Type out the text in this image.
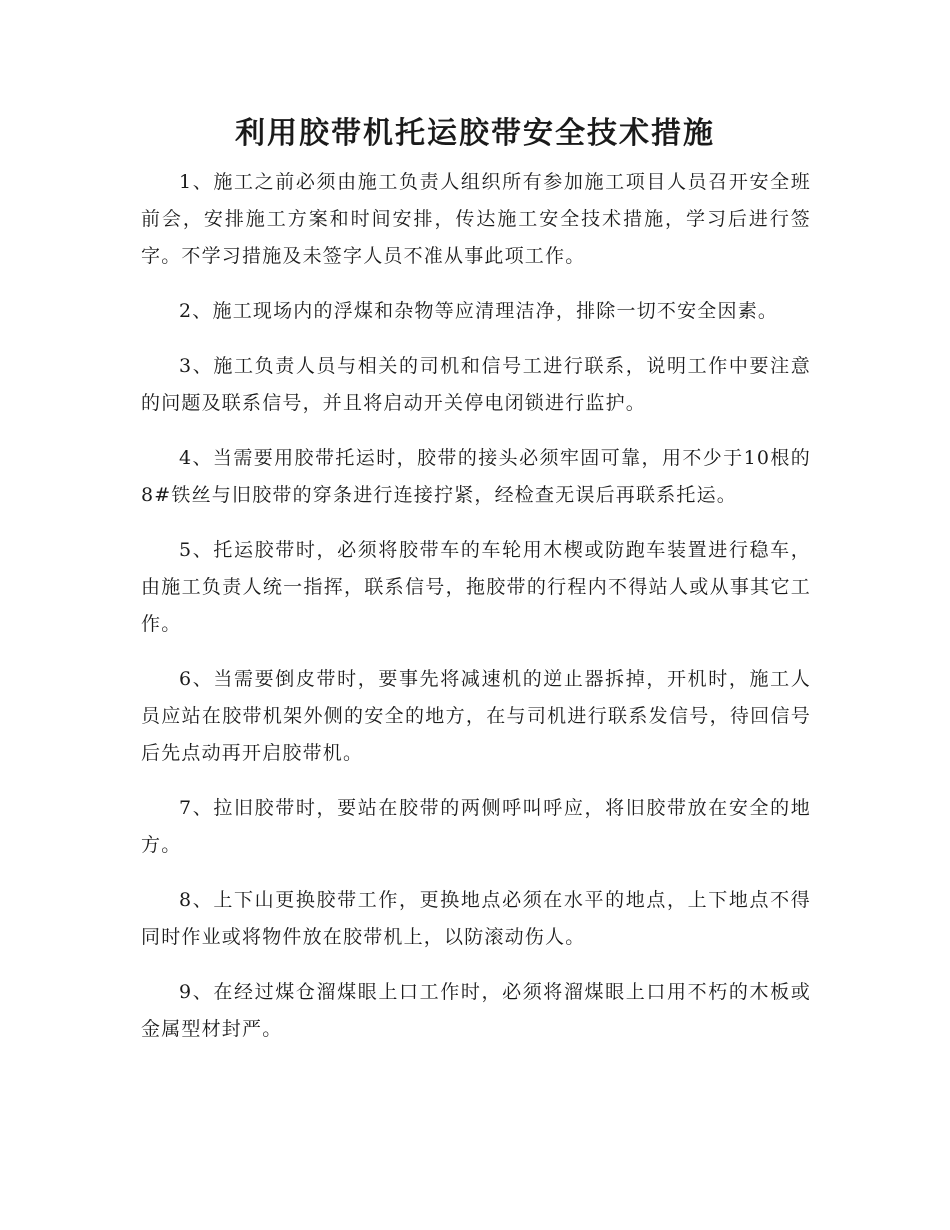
利用胶带机托运胶带安全技术措施

1、施工之前必须由施工负责人组织所有参加施工项目人员召开安全班前会，安排施工方案和时间安排，传达施工安全技术措施，学习后进行签字。不学习措施及未签字人员不准从事此项工作。

2、施工现场内的浮煤和杂物等应清理洁净，排除一切不安全因素。

3、施工负责人员与相关的司机和信号工进行联系，说明工作中要注意的问题及联系信号，并且将启动开关停电闭锁进行监护。

4、当需要用胶带托运时，胶带的接头必须牢固可靠，用不少于10根的8#铁丝与旧胶带的穿条进行连接拧紧，经检查无误后再联系托运。

5、托运胶带时，必须将胶带车的车轮用木楔或防跑车装置进行稳车，由施工负责人统一指挥，联系信号，拖胶带的行程内不得站人或从事其它工作。

6、当需要倒皮带时，要事先将减速机的逆止器拆掉，开机时，施工人员应站在胶带机架外侧的安全的地方，在与司机进行联系发信号，待回信号后先点动再开启胶带机。

7、拉旧胶带时，要站在胶带的两侧呼叫呼应，将旧胶带放在安全的地方。

8、上下山更换胶带工作，更换地点必须在水平的地点，上下地点不得同时作业或将物件放在胶带机上，以防滚动伤人。

9、在经过煤仓溜煤眼上口工作时，必须将溜煤眼上口用不朽的木板或金属型材封严。
